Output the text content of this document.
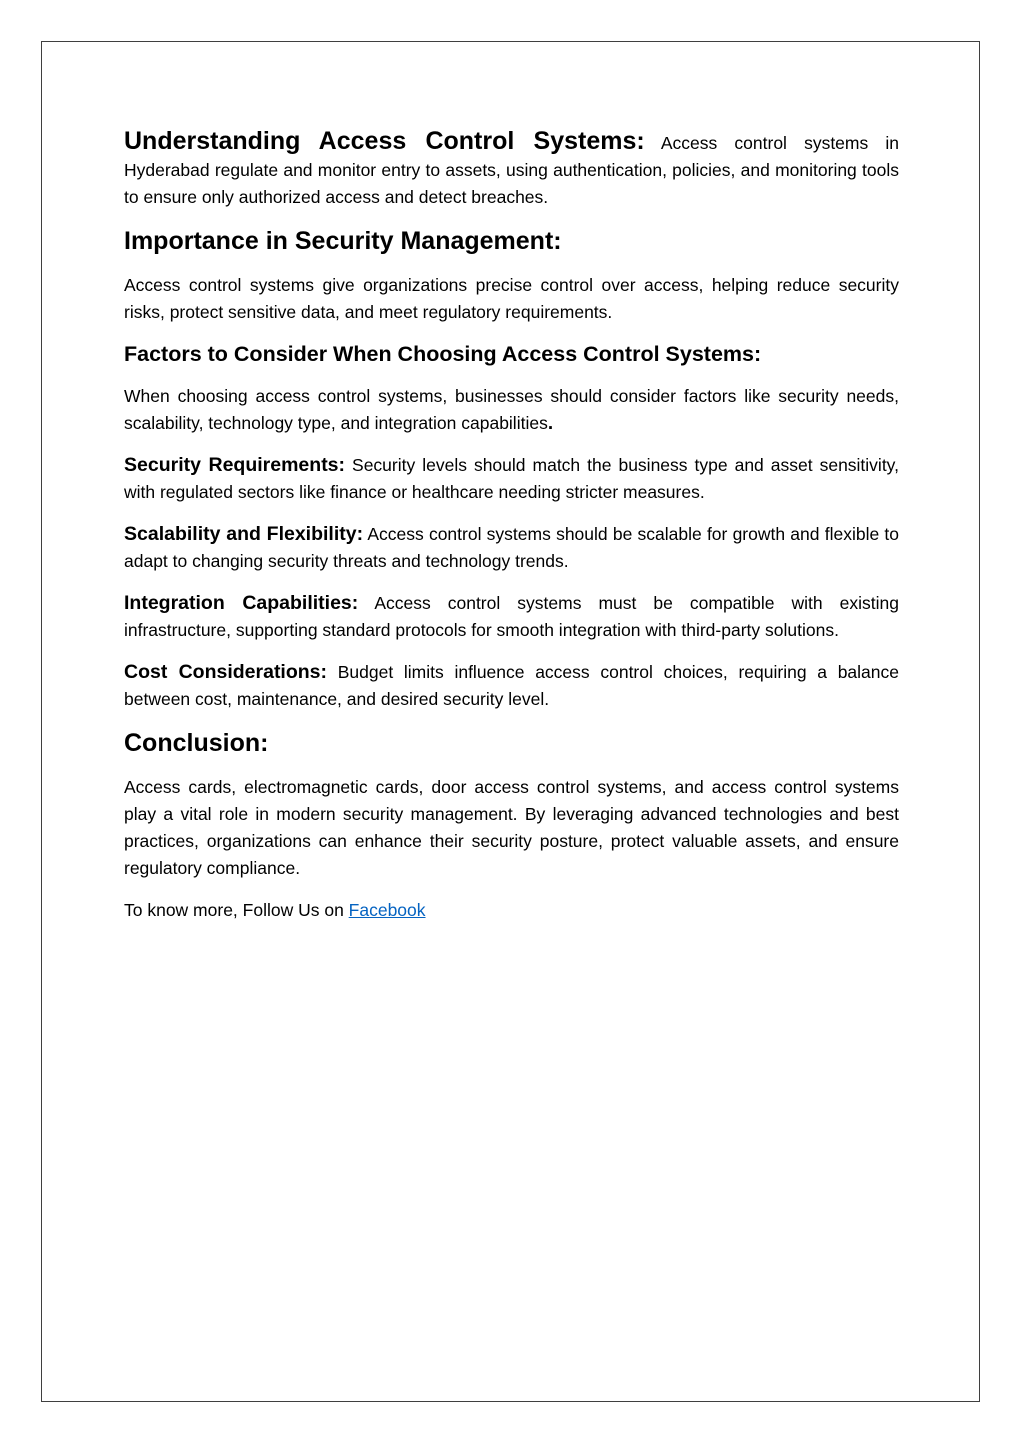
Understanding Access Control Systems: Access control systems in Hyderabad regulate and monitor entry to assets, using authentication, policies, and monitoring tools to ensure only authorized access and detect breaches.

Importance in Security Management:

Access control systems give organizations precise control over access, helping reduce security risks, protect sensitive data, and meet regulatory requirements.

Factors to Consider When Choosing Access Control Systems:

When choosing access control systems, businesses should consider factors like security needs, scalability, technology type, and integration capabilities.

Security Requirements: Security levels should match the business type and asset sensitivity, with regulated sectors like finance or healthcare needing stricter measures.

Scalability and Flexibility: Access control systems should be scalable for growth and flexible to adapt to changing security threats and technology trends.

Integration Capabilities: Access control systems must be compatible with existing infrastructure, supporting standard protocols for smooth integration with third-party solutions.

Cost Considerations: Budget limits influence access control choices, requiring a balance between cost, maintenance, and desired security level.

Conclusion:

Access cards, electromagnetic cards, door access control systems, and access control systems play a vital role in modern security management. By leveraging advanced technologies and best practices, organizations can enhance their security posture, protect valuable assets, and ensure regulatory compliance.

To know more, Follow Us on Facebook
